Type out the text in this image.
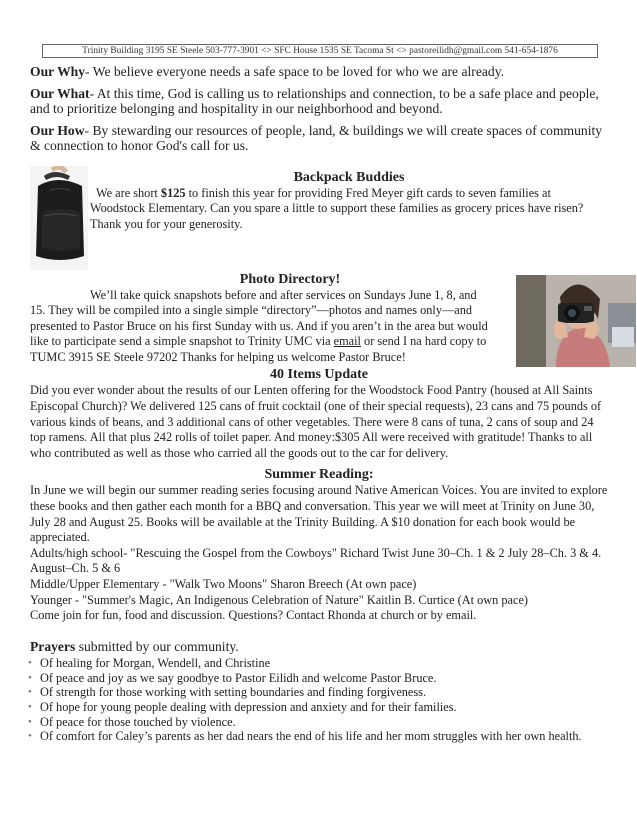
Trinity Building 3195 SE Steele 503-777-3901 <> SFC House 1535 SE Tacoma St <> pastoreilidh@gmail.com 541-654-1876

Our Why- We believe everyone needs a safe space to be loved for who we are already.

Our What- At this time, God is calling us to relationships and connection, to be a safe place and people, and to prioritize belonging and hospitality in our neighborhood and beyond.

Our How- By stewarding our resources of people, land, & buildings we will create spaces of community & connection to honor God's call for us.

Backpack Buddies

We are short $125 to finish this year for providing Fred Meyer gift cards to seven families at Woodstock Elementary. Can you spare a little to support these families as grocery prices have risen? Thank you for your generosity.

Photo Directory!

We’ll take quick snapshots before and after services on Sundays June 1, 8, and 15. They will be compiled into a single simple “directory”—photos and names only—and presented to Pastor Bruce on his first Sunday with us. And if you aren’t in the area but would like to participate send a simple snapshot to Trinity UMC via email or send I na hard copy to TUMC 3915 SE Steele 97202 Thanks for helping us welcome Pastor Bruce!

40 Items Update

Did you ever wonder about the results of our Lenten offering for the Woodstock Food Pantry (housed at All Saints Episcopal Church)? We delivered 125 cans of fruit cocktail (one of their special requests), 23 cans and 75 pounds of various kinds of beans, and 3 additional cans of other vegetables. There were 8 cans of tuna, 2 cans of soup and 24 top ramens. All that plus 242 rolls of toilet paper. And money:$305 All were received with gratitude! Thanks to all who contributed as well as those who carried all the goods out to the car for delivery.

Summer Reading:

In June we will begin our summer reading series focusing around Native American Voices. You are invited to explore these books and then gather each month for a BBQ and conversation. This year we will meet at Trinity on June 30, July 28 and August 25. Books will be available at the Trinity Building. A $10 donation for each book would be appreciated.

Adults/high school- "Rescuing the Gospel from the Cowboys" Richard Twist June 30–Ch. 1 & 2 July 28–Ch. 3 & 4. August–Ch. 5 & 6

Middle/Upper Elementary - "Walk Two Moons" Sharon Breech (At own pace)

Younger - "Summer's Magic, An Indigenous Celebration of Nature" Kaitlin B. Curtice (At own pace)

Come join for fun, food and discussion. Questions? Contact Rhonda at church or by email.

Prayers submitted by our community.

• Of healing for Morgan, Wendell, and Christine
• Of peace and joy as we say goodbye to Pastor Eilidh and welcome Pastor Bruce.
• Of strength for those working with setting boundaries and finding forgiveness.
• Of hope for young people dealing with depression and anxiety and for their families.
• Of peace for those touched by violence.
• Of comfort for Caley’s parents as her dad nears the end of his life and her mom struggles with her own health.
